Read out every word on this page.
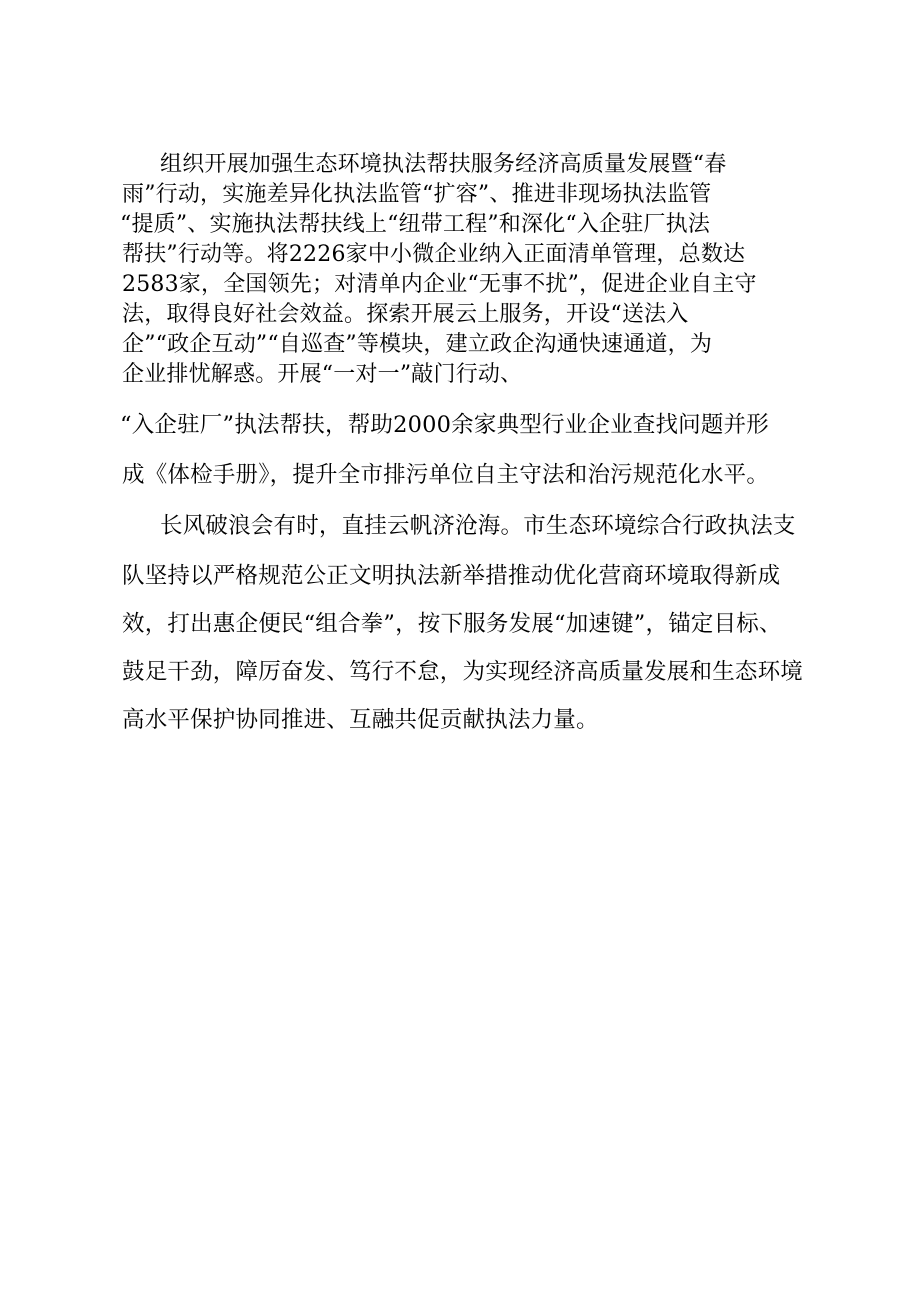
组织开展加强生态环境执法帮扶服务经济高质量发展暨“春
雨”行动，实施差异化执法监管“扩容”、推进非现场执法监管
“提质”、实施执法帮扶线上“纽带工程”和深化“入企驻厂执法
帮扶”行动等。将2226家中小微企业纳入正面清单管理，总数达
2583家，全国领先；对清单内企业“无事不扰”，促进企业自主守
法，取得良好社会效益。探索开展云上服务，开设“送法入
企”“政企互动”“自巡查”等模块，建立政企沟通快速通道，为
企业排忧解惑。开展“一对一”敲门行动、
“入企驻厂”执法帮扶，帮助2000余家典型行业企业查找问题并形
成《体检手册》，提升全市排污单位自主守法和治污规范化水平。
长风破浪会有时，直挂云帆济沧海。市生态环境综合行政执法支
队坚持以严格规范公正文明执法新举措推动优化营商环境取得新成
效，打出惠企便民“组合拳”，按下服务发展“加速键”，锚定目标、
鼓足干劲，障厉奋发、笃行不怠，为实现经济高质量发展和生态环境
高水平保护协同推进、互融共促贡献执法力量。
